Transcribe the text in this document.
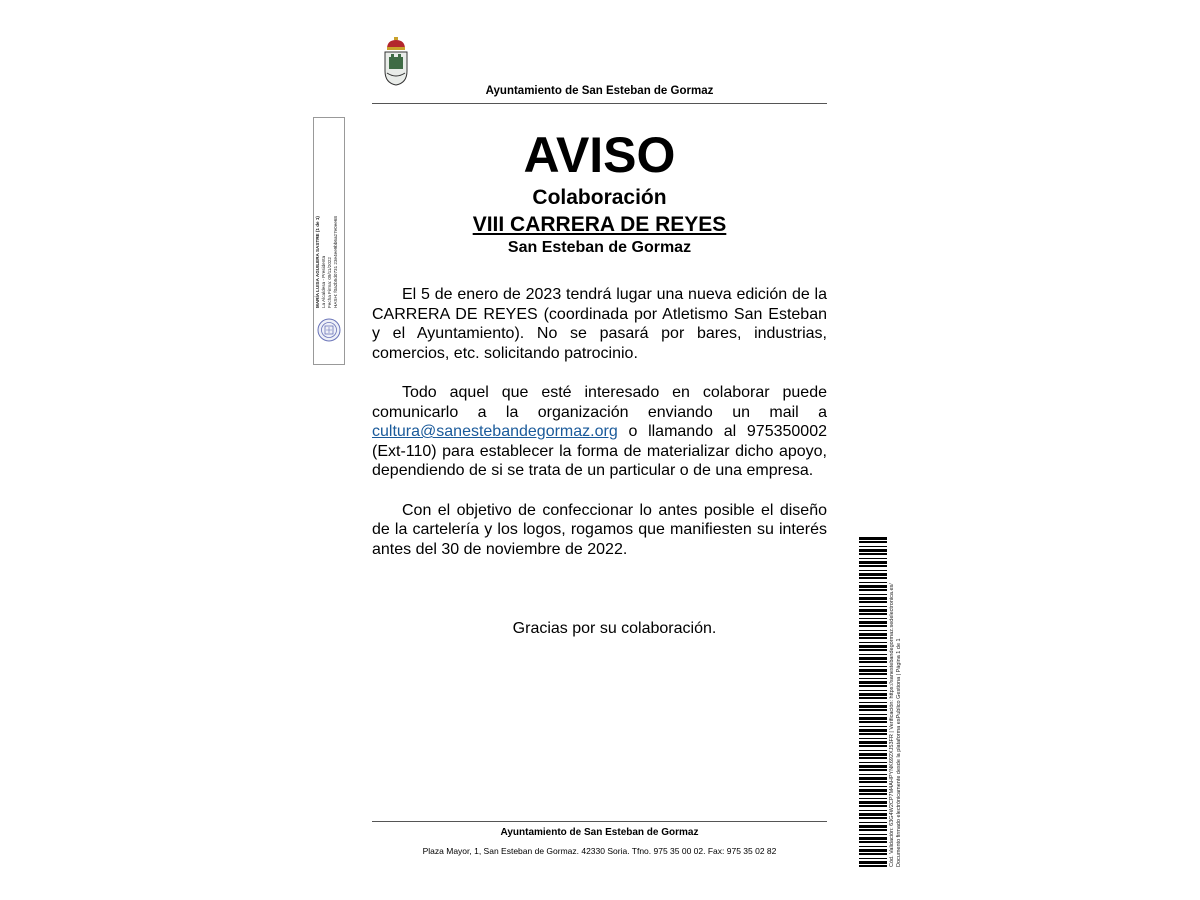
Ayuntamiento de San Esteban de Gormaz
AVISO
Colaboración
VIII CARRERA DE REYES
San Esteban de Gormaz

El 5 de enero de 2023 tendrá lugar una nueva edición de la CARRERA DE REYES (coordinada por Atletismo San Esteban y el Ayuntamiento). No se pasará por bares, industrias, comercios, etc. solicitando patrocinio.

Todo aquel que esté interesado en colaborar puede comunicarlo a la organización enviando un mail a cultura@sanestebandegormaz.org o llamando al 975350002 (Ext-110) para establecer la forma de materializar dicho apoyo, dependiendo de si se trata de un particular o de una empresa.

Con el objetivo de confeccionar lo antes posible el diseño de la cartelería y los logos, rogamos que manifiesten su interés antes del 30 de noviembre de 2022.

Gracias por su colaboración.
Ayuntamiento de San Esteban de Gormaz
Plaza Mayor, 1, San Esteban de Gormaz. 42330 Soria. Tfno. 975 35 00 02. Fax: 975 35 02 82
MARÍA LUISA AGUILERA SASTRE (1 de 1) La Alcaldesa - Presidenta Fecha Firma: 09/11/2022 HASH: f0a2b5d0731 23e4ee9bb6a27e0ee68
Cód. Validación: 63G4W2CP7M4AHPYNK692XJ53FR | Verificación: https://sanestebandegormaz.sedelectronica.es/ Documento firmado electrónicamente desde la plataforma esPublico Gestiona | Página 1 de 1
